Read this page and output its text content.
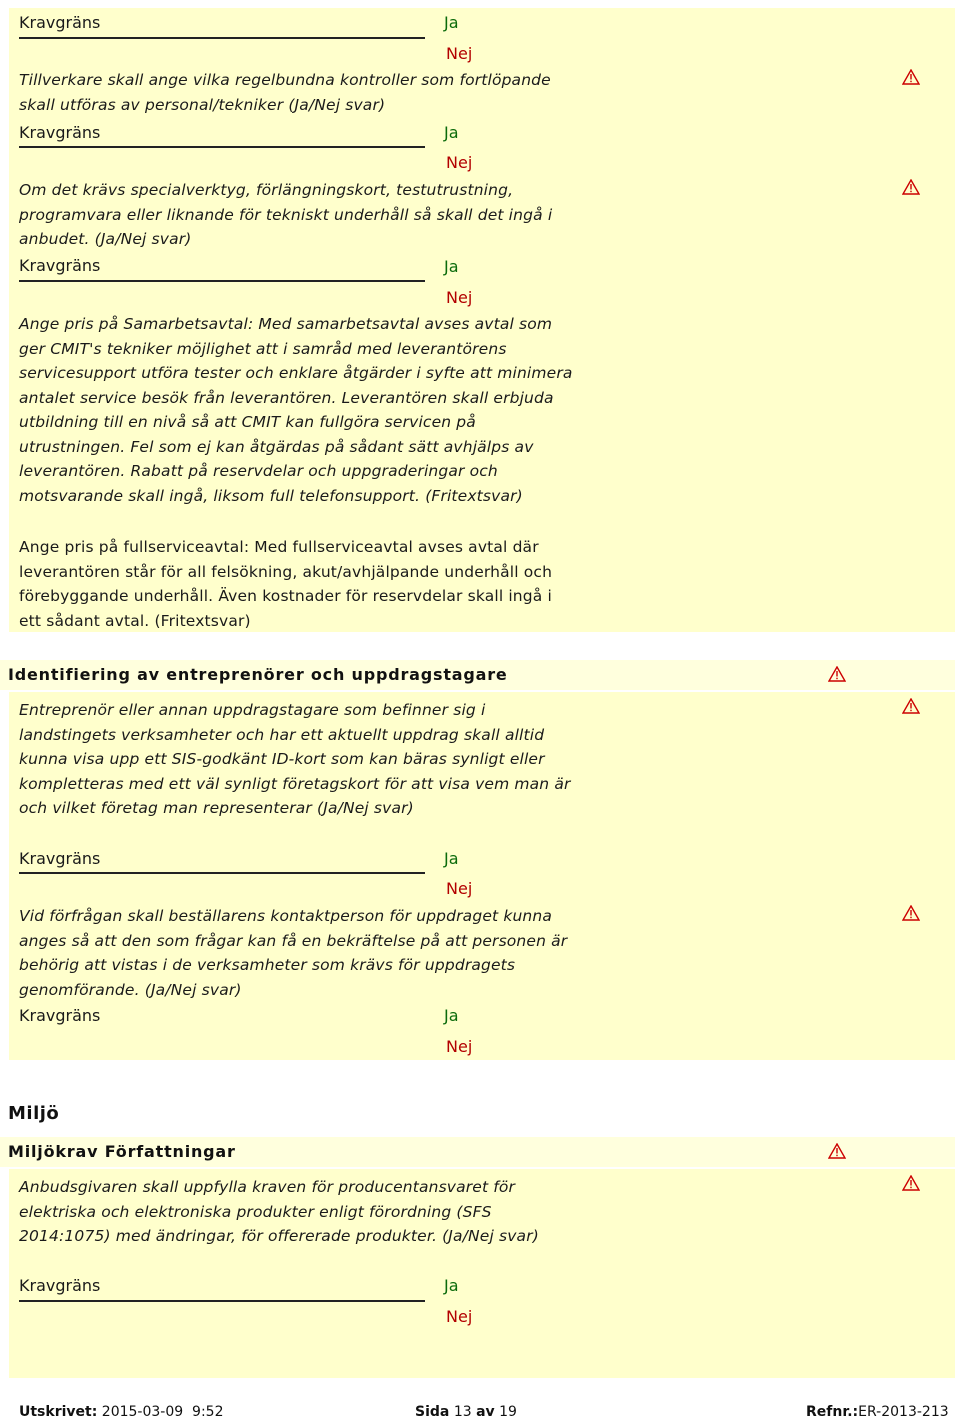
Kravgräns	Ja
Nej

Tillverkare skall ange vilka regelbundna kontroller som fortlöpande skall utföras av personal/tekniker (Ja/Nej svar)

Kravgräns	Ja
Nej

Om det krävs specialverktyg, förlängningskort, testutrustning, programvara eller liknande för tekniskt underhåll så skall det ingå i anbudet. (Ja/Nej svar)

Kravgräns	Ja
Nej

Ange pris på Samarbetsavtal: Med samarbetsavtal avses avtal som ger CMIT's tekniker möjlighet att i samråd med leverantörens servicesupport utföra tester och enklare åtgärder i syfte att minimera antalet service besök från leverantören. Leverantören skall erbjuda utbildning till en nivå så att CMIT kan fullgöra servicen på utrustningen. Fel som ej kan åtgärdas på sådant sätt avhjälps av leverantören. Rabatt på reservdelar och uppgraderingar och motsvarande skall ingå, liksom full telefonsupport. (Fritextsvar)

Ange pris på fullserviceavtal: Med fullserviceavtal avses avtal där leverantören står för all felsökning, akut/avhjälpande underhåll och förebyggande underhåll. Även kostnader för reservdelar skall ingå i ett sådant avtal. (Fritextsvar)

Identifiering av entreprenörer och uppdragstagare

Entreprenör eller annan uppdragstagare som befinner sig i landstingets verksamheter och har ett aktuellt uppdrag skall alltid kunna visa upp ett SIS-godkänt ID-kort som kan bäras synligt eller kompletteras med ett väl synligt företagskort för att visa vem man är och vilket företag man representerar (Ja/Nej svar)

Kravgräns	Ja
Nej

Vid förfrågan skall beställarens kontaktperson för uppdraget kunna anges så att den som frågar kan få en bekräftelse på att personen är behörig att vistas i de verksamheter som krävs för uppdragets genomförande. (Ja/Nej svar)

Kravgräns	Ja
Nej
Miljö
Miljökrav Författningar

Anbudsgivaren skall uppfylla kraven för producentansvaret för elektriska och elektroniska produkter enligt förordning (SFS 2014:1075) med ändringar, för offererade produkter. (Ja/Nej svar)

Kravgräns	Ja
Nej
Utskrivet: 2015-03-09  9:52	Sida 13 av 19	Refnr.:ER-2013-213
